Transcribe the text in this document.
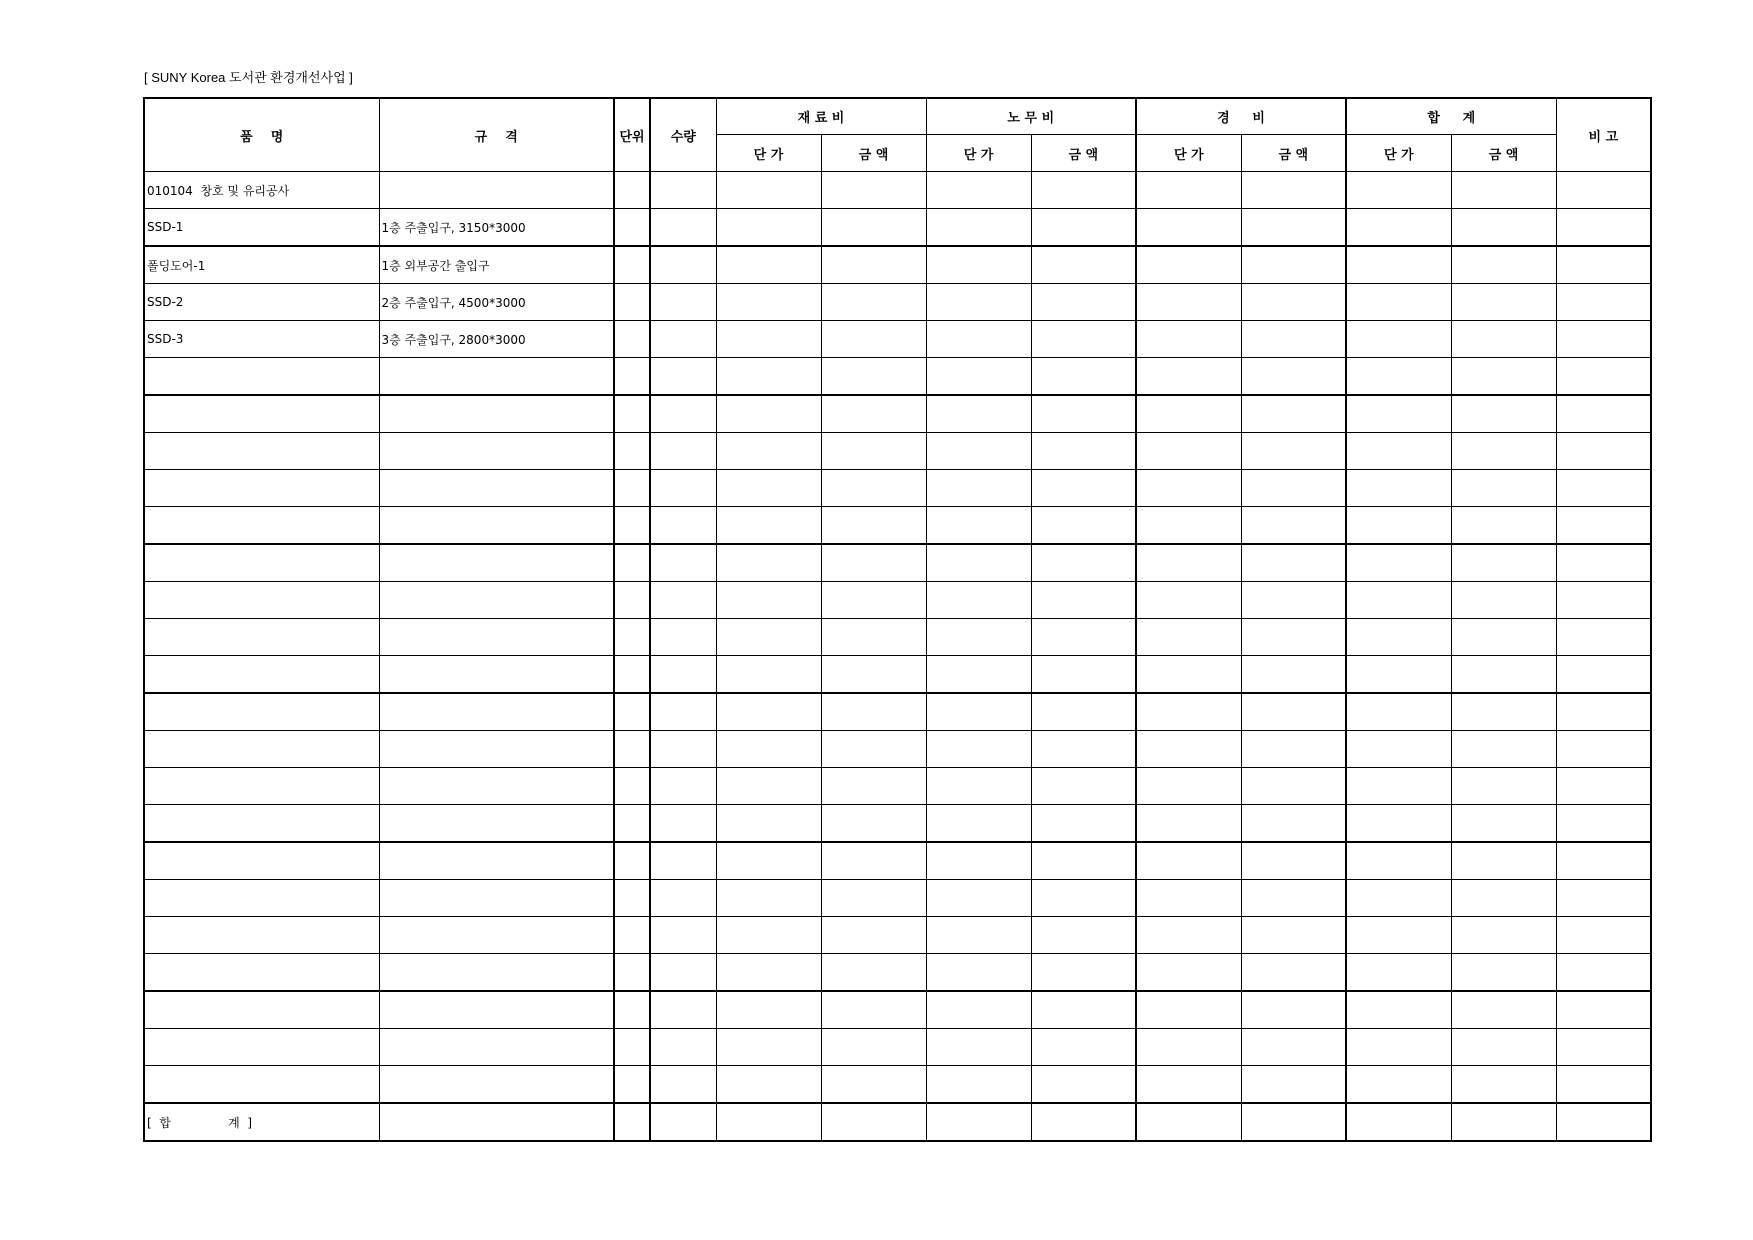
[ SUNY Korea 도서관 환경개선사업 ]
품    명	규    격	단위	수량	재 료 비		노 무 비		경     비		합     계		비 고
				단 가	금 액	단 가	금 액	단 가	금 액	단 가	금 액	
010104  창호 및 유리공사												
SSD-1	1층 주출입구, 3150*3000											
폴딩도어-1	1층 외부공간 출입구											
SSD-2	2층 주출입구, 4500*3000											
SSD-3	3층 주출입구, 2800*3000											

[  합               계  ]												
